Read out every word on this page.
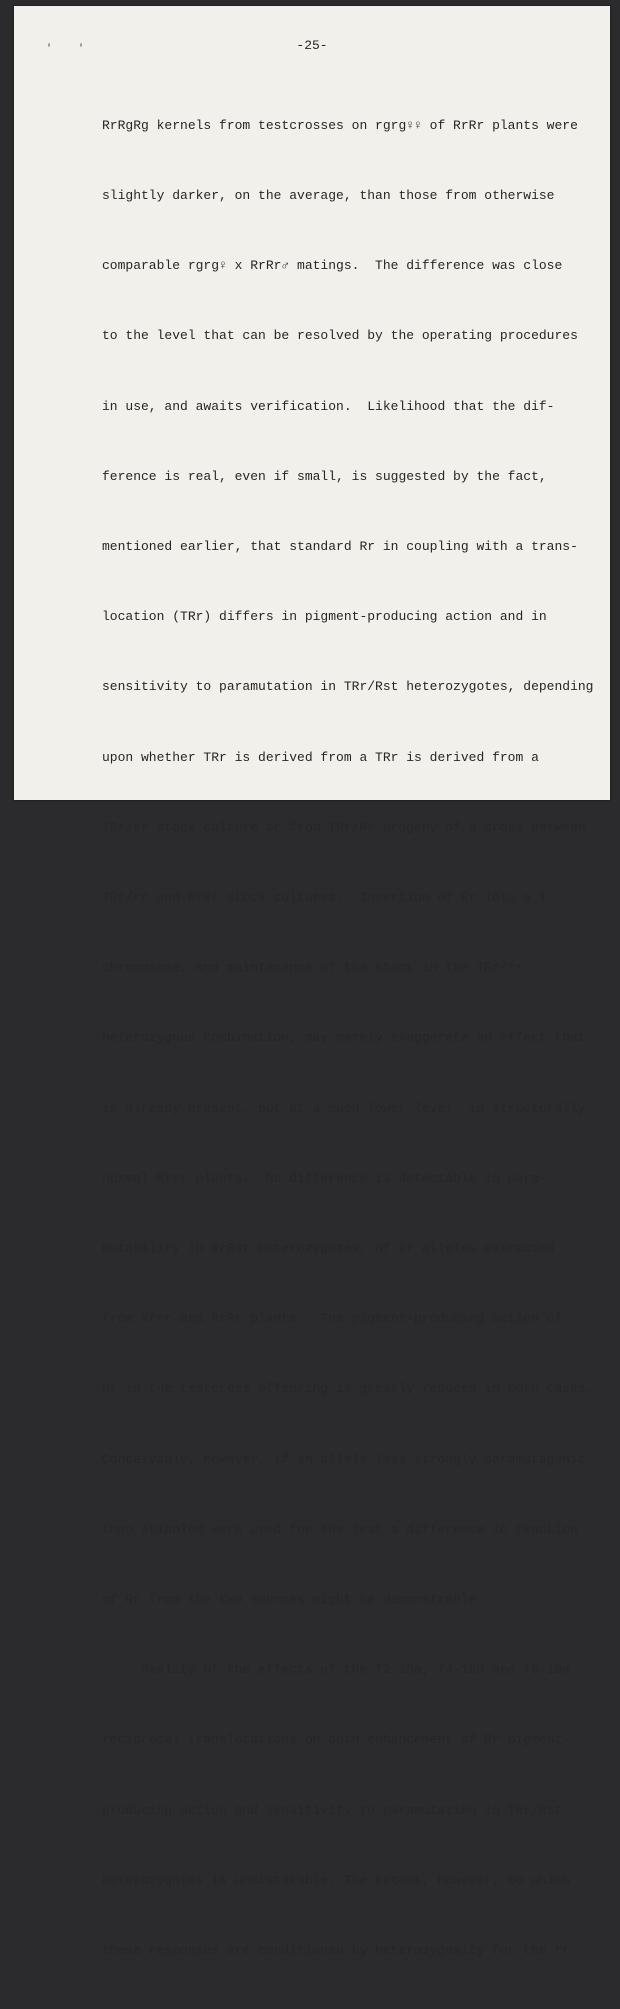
'	'	-25-

RrRgRg kernels from testcrosses on rgrg♀♀ of RrRr plants were

slightly darker, on the average, than those from otherwise

comparable rgrg♀ x RrRr♂ matings.  The difference was close

to the level that can be resolved by the operating procedures

in use, and awaits verification.  Likelihood that the dif-

ference is real, even if small, is suggested by the fact,

mentioned earlier, that standard Rr in coupling with a trans-

location (TRr) differs in pigment-producing action and in

sensitivity to paramutation in TRr/Rst heterozygotes, depending

upon whether TRr is derived from a TRr is derived from a

TRr/rr stock culture or from TRr/Rr progeny of a cross between

TRr/rr and RrRr stock cultures.  Insertion of Rr into a T

chromosome, and maintenance of the stock in the TRr/rr

heterozygous combination, may merely exaggerate an effect that

is already present, but at a much lower level, in structurally

normal Rrrr plants.  No difference is detectable in para-

mutability in RrRst heterozygotes, of Rr alleles extracted

from Rrrr and RrRr plants.  The pigment-producing action of

Rr in the testcross offspring is greatly reduced in both cases.

Conceivably, however, if an allele less strongly paramutagenic

than stippled were used for the test a difference in reaction

of Rr from the two sources might be demonstrable.

Reality of the effects of the T2-10a, T4-10b and T9-10a

reciprocal translocations on both enhancement of Rr pigment-

producing action and sensitivity to paramutation in TRr/Rst

heterozygotes is unmistakable. The extent, however, to which

these responses are conditioned by heterozygosity for the rr
